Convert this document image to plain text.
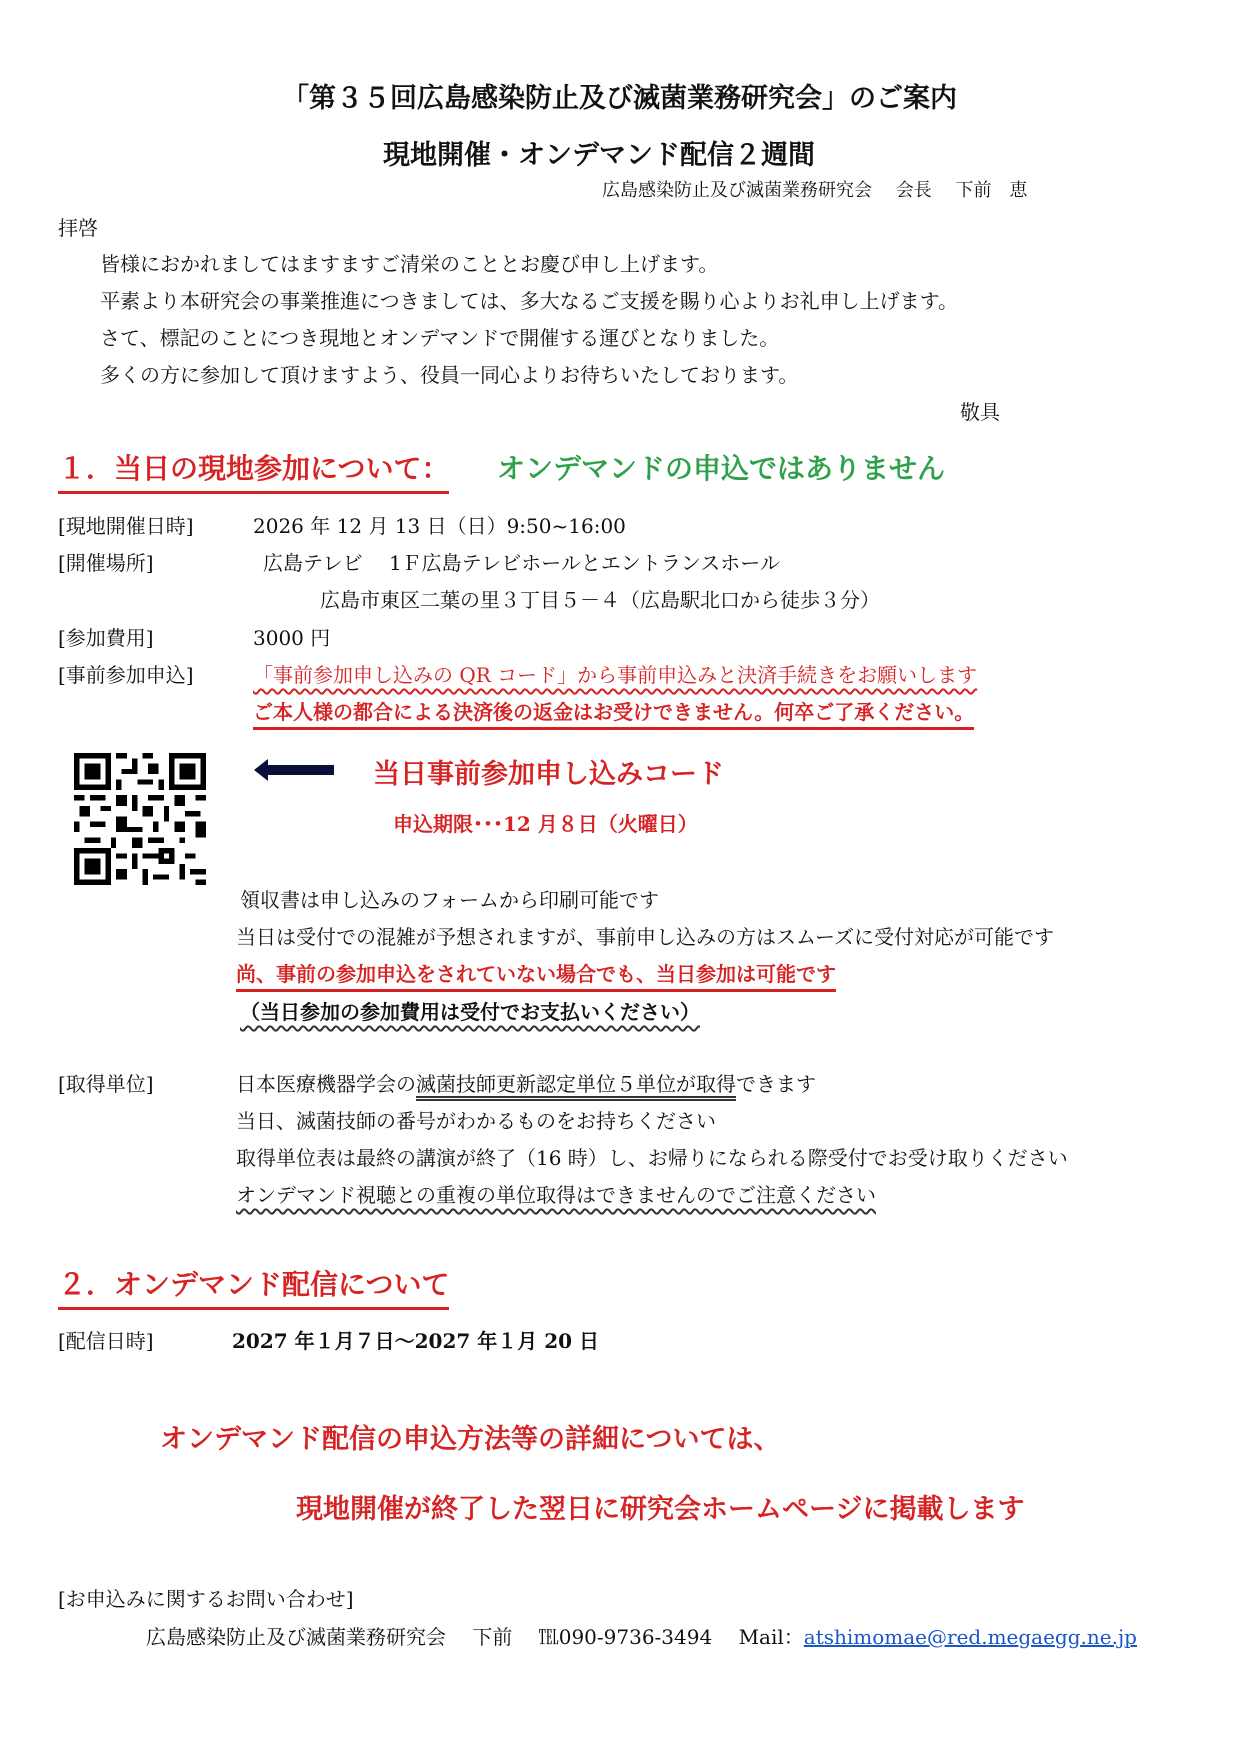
「第３５回広島感染防止及び滅菌業務研究会」のご案内
現地開催・オンデマンド配信２週間
広島感染防止及び滅菌業務研究会　 会長　 下前　恵
拝啓
皆様におかれましてはますますご清栄のこととお慶び申し上げます。
平素より本研究会の事業推進につきましては、多大なるご支援を賜り心よりお礼申し上げます。
さて、標記のことにつき現地とオンデマンドで開催する運びとなりました。
多くの方に参加して頂けますよう、役員一同心よりお待ちいたしております。
敬具
１．当日の現地参加について： オンデマンドの申込ではありません
[現地開催日時]	2026 年 12 月 13 日（日）9:50~16:00
[開催場所]	広島テレビ　 1Ｆ広島テレビホールとエントランスホール
広島市東区二葉の里３丁目５－４（広島駅北口から徒歩３分）
[参加費用]	3000 円
[事前参加申込]	「事前参加申し込みの QR コード」から事前申込みと決済手続きをお願いします
ご本人様の都合による決済後の返金はお受けできません。何卒ご了承ください。
当日事前参加申し込みコード
申込期限･･･12 月８日（火曜日）
領収書は申し込みのフォームから印刷可能です
当日は受付での混雑が予想されますが、事前申し込みの方はスムーズに受付対応が可能です
尚、事前の参加申込をされていない場合でも、当日参加は可能です
（当日参加の参加費用は受付でお支払いください）
[取得単位]	日本医療機器学会の滅菌技師更新認定単位５単位が取得できます
当日、滅菌技師の番号がわかるものをお持ちください
取得単位表は最終の講演が終了（16 時）し、お帰りになられる際受付でお受け取りください
オンデマンド視聴との重複の単位取得はできませんのでご注意ください
２．オンデマンド配信について
[配信日時]	2027 年１月７日～2027 年１月 20 日
オンデマンド配信の申込方法等の詳細については、
現地開催が終了した翌日に研究会ホームページに掲載します
[お申込みに関するお問い合わせ]
広島感染防止及び滅菌業務研究会　 下前　 ℡090-9736-3494　 Mail：atshimomae@red.megaegg.ne.jp
